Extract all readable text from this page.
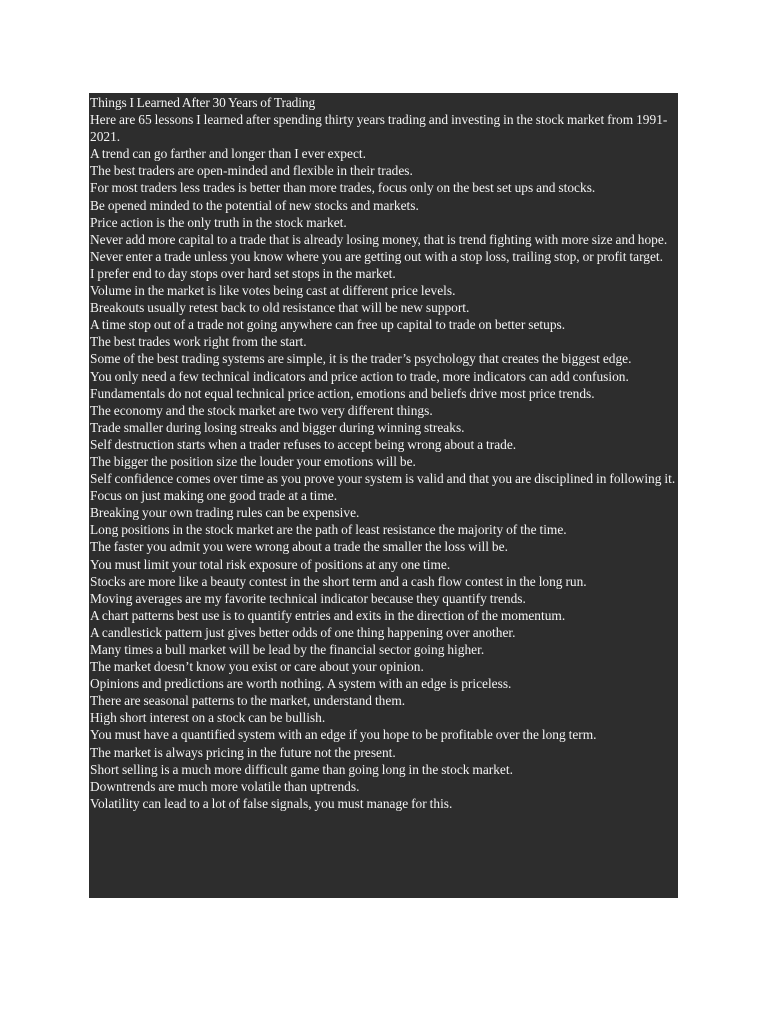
Things I Learned After 30 Years of Trading

Here are 65 lessons I learned after spending thirty years trading and investing in the stock market from 1991-2021.

A trend can go farther and longer than I ever expect.

The best traders are open-minded and flexible in their trades.

For most traders less trades is better than more trades, focus only on the best set ups and stocks.

Be opened minded to the potential of new stocks and markets.

Price action is the only truth in the stock market.

Never add more capital to a trade that is already losing money, that is trend fighting with more size and hope.

Never enter a trade unless you know where you are getting out with a stop loss, trailing stop, or profit target.

I prefer end to day stops over hard set stops in the market.

Volume in the market is like votes being cast at different price levels.

Breakouts usually retest back to old resistance that will be new support.

A time stop out of a trade not going anywhere can free up capital to trade on better setups.

The best trades work right from the start.

Some of the best trading systems are simple, it is the trader’s psychology that creates the biggest edge.

You only need a few technical indicators and price action to trade, more indicators can add confusion.

Fundamentals do not equal technical price action, emotions and beliefs drive most price trends.

The economy and the stock market are two very different things.

Trade smaller during losing streaks and bigger during winning streaks.

Self destruction starts when a trader refuses to accept being wrong about a trade.

The bigger the position size the louder your emotions will be.

Self confidence comes over time as you prove your system is valid and that you are disciplined in following it.

Focus on just making one good trade at a time.

Breaking your own trading rules can be expensive.

Long positions in the stock market are the path of least resistance the majority of the time.

The faster you admit you were wrong about a trade the smaller the loss will be.

You must limit your total risk exposure of positions at any one time.

Stocks are more like a beauty contest in the short term and a cash flow contest in the long run.

Moving averages are my favorite technical indicator because they quantify trends.

A chart patterns best use is to quantify entries and exits in the direction of the momentum.

A candlestick pattern just gives better odds of one thing happening over another.

Many times a bull market will be lead by the financial sector going higher.

The market doesn’t know you exist or care about your opinion.

Opinions and predictions are worth nothing. A system with an edge is priceless.

There are seasonal patterns to the market, understand them.

High short interest on a stock can be bullish.

You must have a quantified system with an edge if you hope to be profitable over the long term.

The market is always pricing in the future not the present.

Short selling is a much more difficult game than going long in the stock market.

Downtrends are much more volatile than uptrends.

Volatility can lead to a lot of false signals, you must manage for this.
